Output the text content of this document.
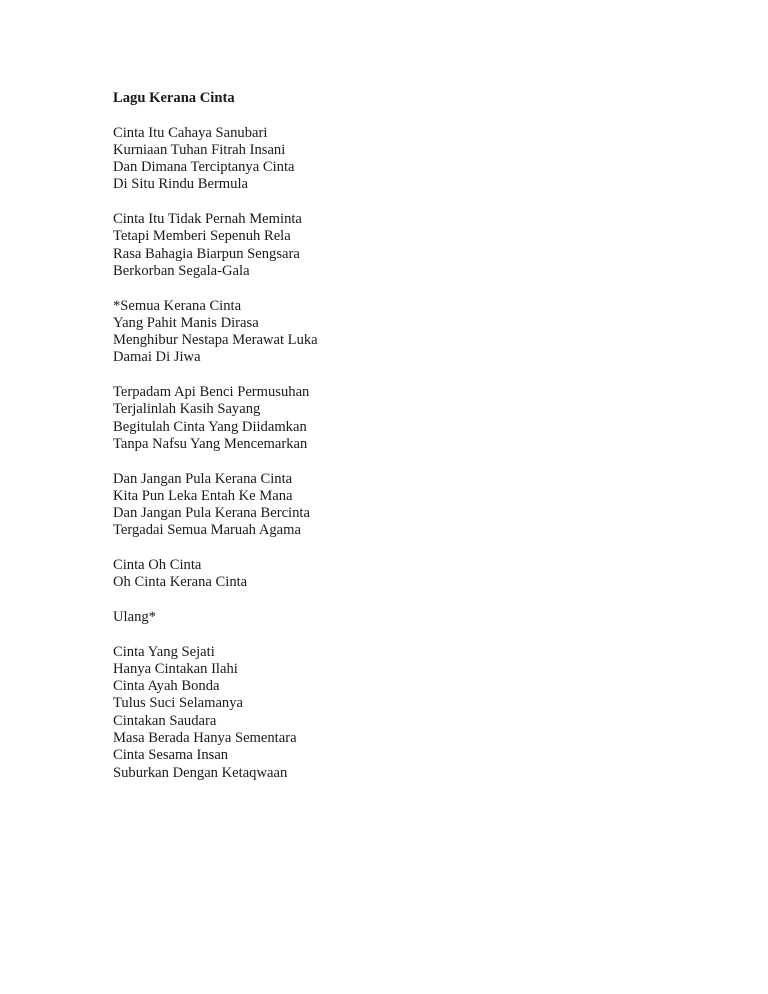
Lagu Kerana Cinta
Cinta Itu Cahaya Sanubari
Kurniaan Tuhan Fitrah Insani
Dan Dimana Terciptanya Cinta
Di Situ Rindu Bermula
Cinta Itu Tidak Pernah Meminta
Tetapi Memberi Sepenuh Rela
Rasa Bahagia Biarpun Sengsara
Berkorban Segala-Gala
*Semua Kerana Cinta
Yang Pahit Manis Dirasa
Menghibur Nestapa Merawat Luka
Damai Di Jiwa
Terpadam Api Benci Permusuhan
Terjalinlah Kasih Sayang
Begitulah Cinta Yang Diidamkan
Tanpa Nafsu Yang Mencemarkan
Dan Jangan Pula Kerana Cinta
Kita Pun Leka Entah Ke Mana
Dan Jangan Pula Kerana Bercinta
Tergadai Semua Maruah Agama
Cinta Oh Cinta
Oh Cinta Kerana Cinta
Ulang*
Cinta Yang Sejati
Hanya Cintakan Ilahi
Cinta Ayah Bonda
Tulus Suci Selamanya
Cintakan Saudara
Masa Berada Hanya Sementara
Cinta Sesama Insan
Suburkan Dengan Ketaqwaan
